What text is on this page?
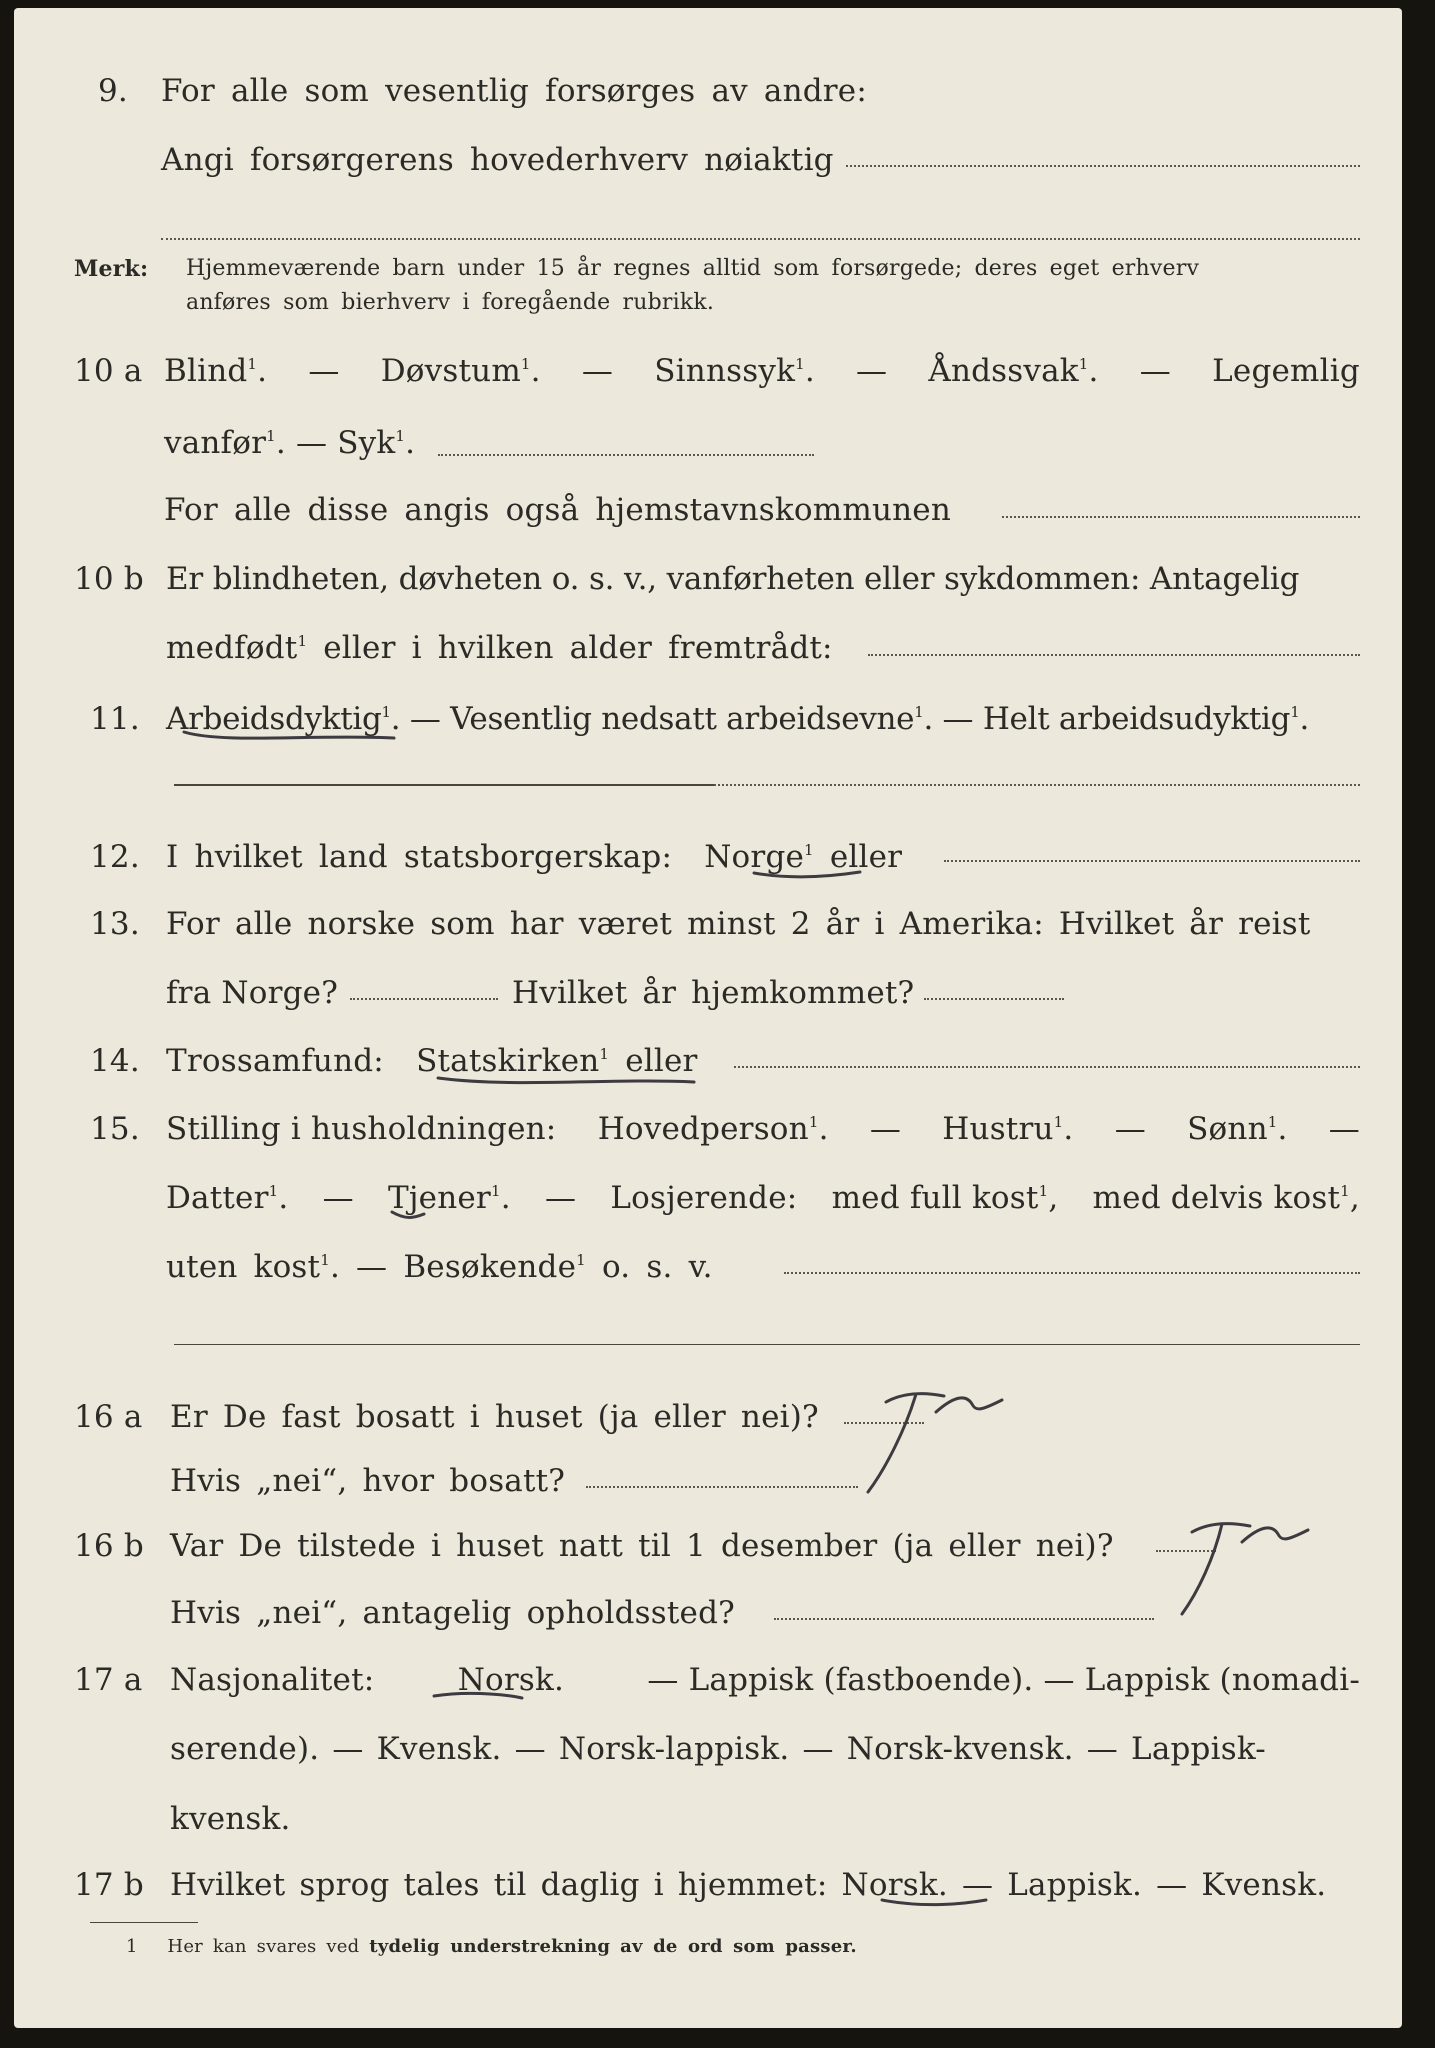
9. For alle som vesentlig forsørges av andre:
Angi forsørgerens hovederhverv nøiaktig
Merk: Hjemmeværende barn under 15 år regnes alltid som forsørgede; deres eget erhverv
anføres som bierhverv i foregående rubrikk.
10 a Blind$^1$. — Døvstum$^1$. — Sinnssyk$^1$. — Åndssvak$^1$. — Legemlig
vanfør$^1$. — Syk$^1$.
For alle disse angis også hjemstavnskommunen
10 b Er blindheten, døvheten o. s. v., vanførheten eller sykdommen: Antagelig
medfødt$^1$ eller i hvilken alder fremtrådt:
11. Arbeidsdyktig$^1$. — Vesentlig nedsatt arbeidsevne$^1$. — Helt arbeidsudyktig$^1$.
12. I hvilket land statsborgerskap: Norge$^1$ eller
13. For alle norske som har været minst 2 år i Amerika: Hvilket år reist
fra Norge?	Hvilket år hjemkommet?
14. Trossamfund: Statskirken$^1$ eller
15. Stilling i husholdningen: Hovedperson$^1$. — Hustru$^1$. — Sønn$^1$. —
Datter$^1$. — Tjener$^1$. — Losjerende: med full kost$^1$, med delvis kost$^1$,
uten kost$^1$. — Besøkende$^1$ o. s. v.
16 a Er De fast bosatt i huset (ja eller nei)?
Hvis „nei“, hvor bosatt?
16 b Var De tilstede i huset natt til 1 desember (ja eller nei)?
Hvis „nei“, antagelig opholdssted?
17 a Nasjonalitet:	Norsk.	— Lappisk (fastboende). — Lappisk (nomadi-
serende). — Kvensk. — Norsk-lappisk. — Norsk-kvensk. — Lappisk-
kvensk.
17 b Hvilket sprog tales til daglig i hjemmet: Norsk. — Lappisk. — Kvensk.
1 Her kan svares ved tydelig understrekning av de ord som passer.
